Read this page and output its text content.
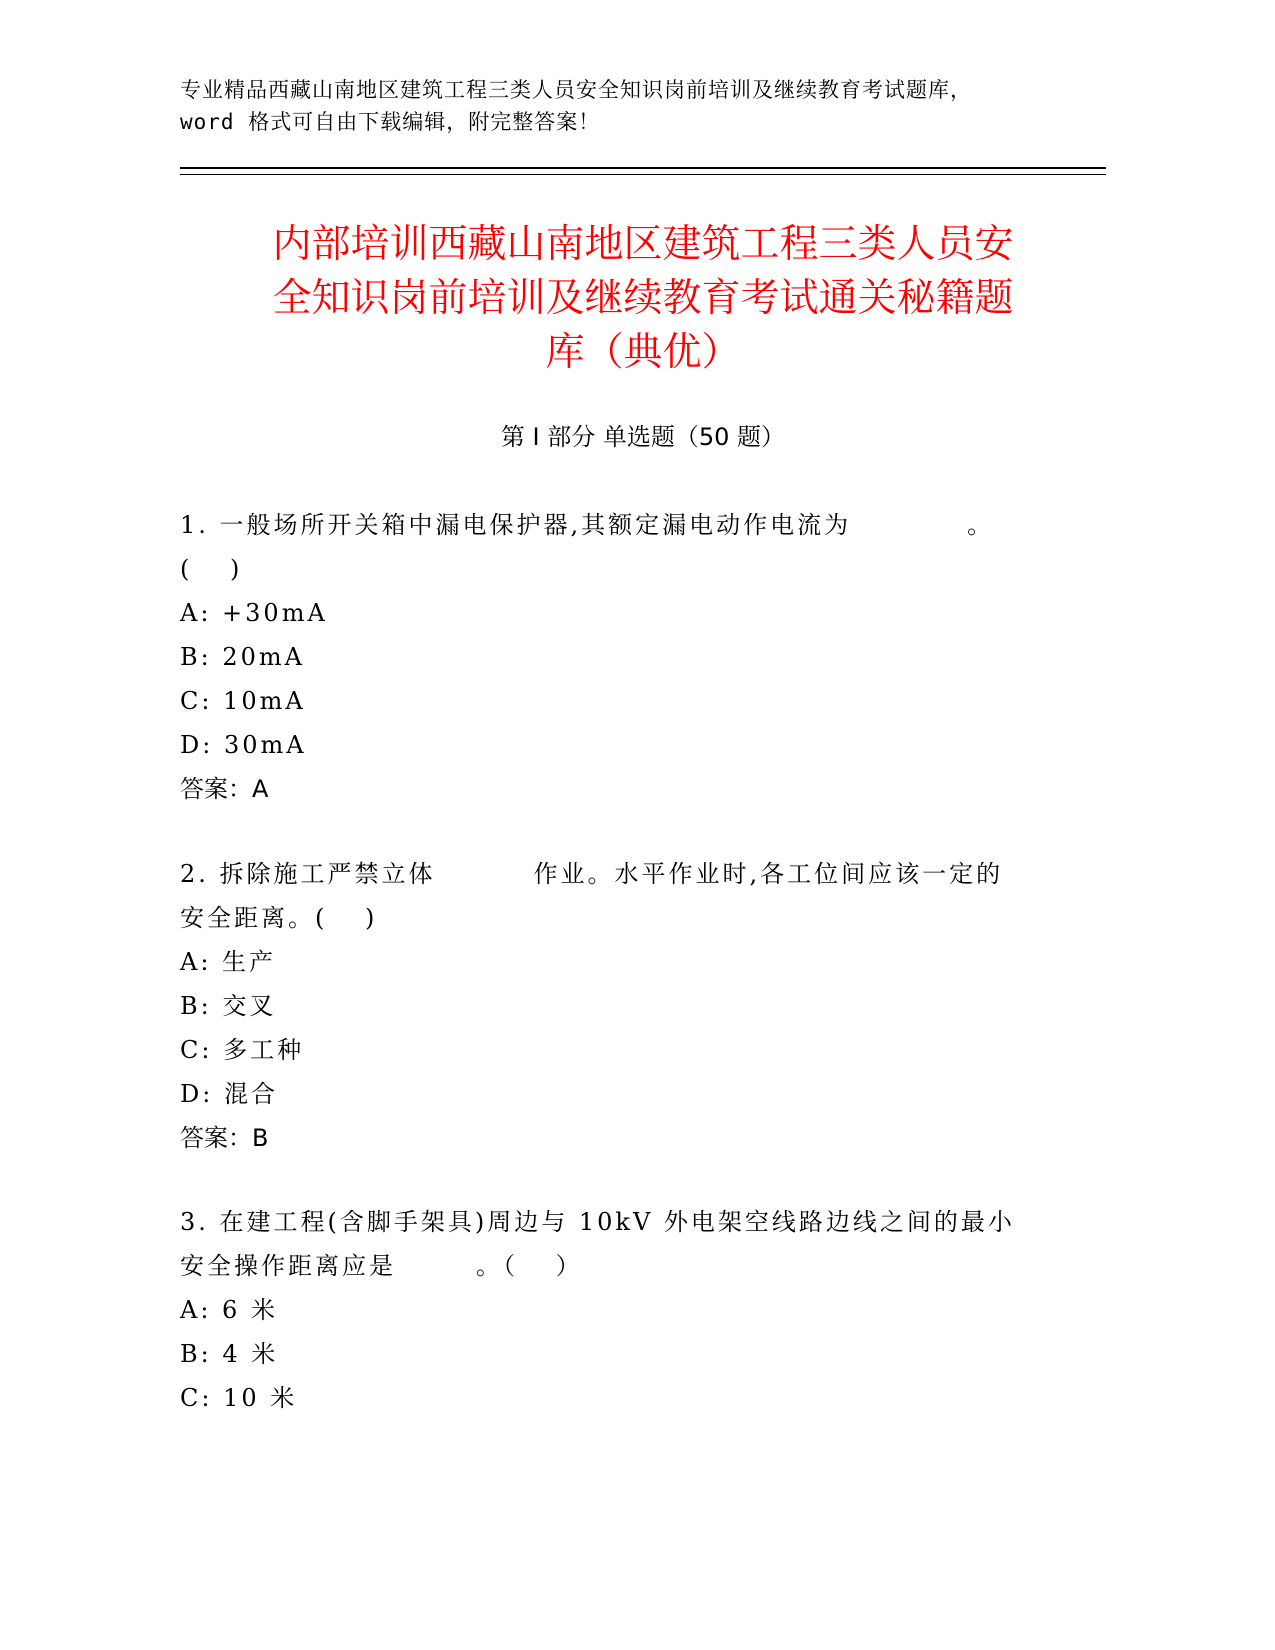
专业精品西藏山南地区建筑工程三类人员安全知识岗前培训及继续教育考试题库，
word 格式可自由下载编辑，附完整答案！
内部培训西藏山南地区建筑工程三类人员安
全知识岗前培训及继续教育考试通关秘籍题
库（典优）
第 I 部分 单选题（50 题）
1. 一般场所开关箱中漏电保护器,其额定漏电动作电流为	。
(　 )
A: +30mA
B: 20mA
C: 10mA
D: 30mA
答案：A
2. 拆除施工严禁立体	作业。水平作业时,各工位间应该一定的
安全距离。(　 )
A: 生产
B: 交叉
C: 多工种
D: 混合
答案：B
3. 在建工程(含脚手架具)周边与 10kV 外电架空线路边线之间的最小
安全操作距离应是	。（　 ）
A: 6 米
B: 4 米
C: 10 米
